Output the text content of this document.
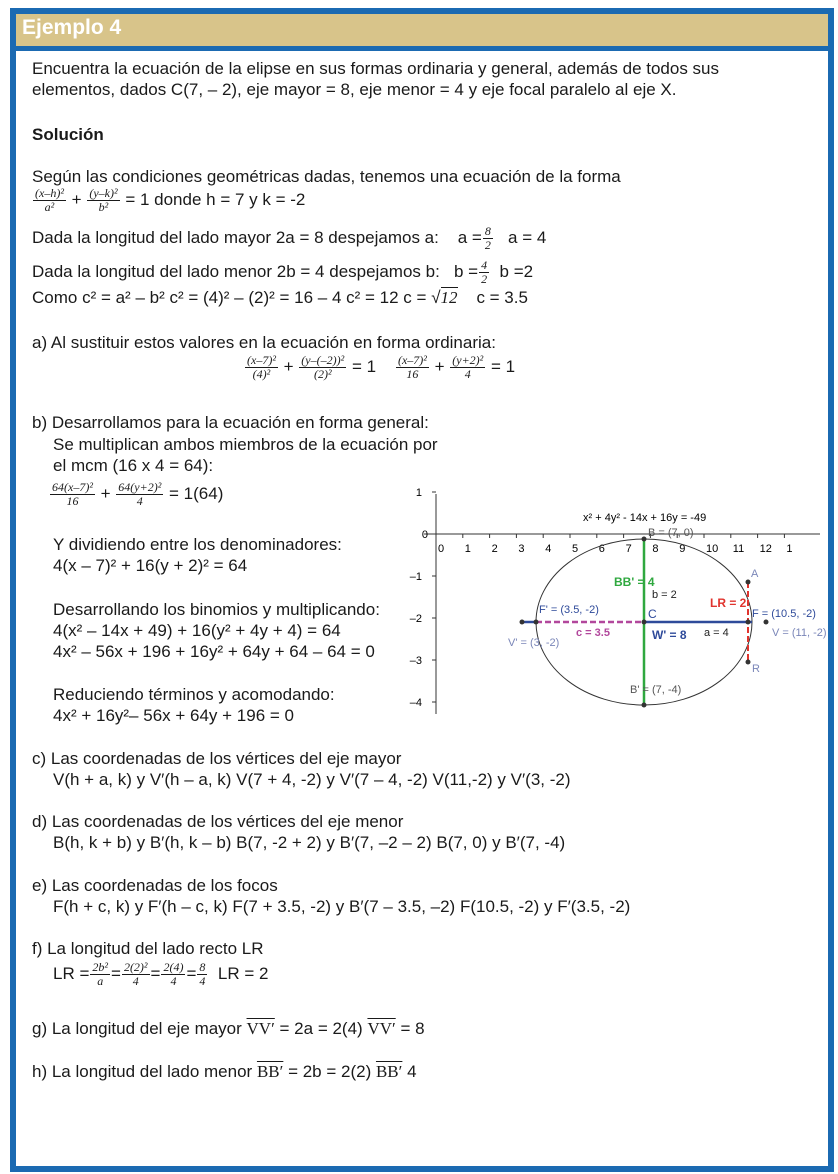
Ejemplo 4
Encuentra la ecuación de la elipse en sus formas ordinaria y general, además de todos sus
elementos, dados C(7, – 2), eje mayor = 8, eje menor = 4 y eje focal paralelo al eje X.
Solución
Según las condiciones geométricas dadas, tenemos una ecuación de la forma
$\frac{\text{(x–h)²}}{\text{a²}} + \frac{\text{(y–k)²}}{\text{b²}} = 1$ donde h = 7 y k = -2
Dada la longitud del lado mayor 2a = 8 despejamos a:    $a = \frac{8}{2}$ a = 4
Dada la longitud del lado menor 2b = 4 despejamos b:   $b = \frac{4}{2}$ b =2
Como c² = a² – b² c² = (4)² – (2)² = 16 – 4 c² = 12 c = √12 c = 3.5
a) Al sustituir estos valores en la ecuación en forma ordinaria:
$\frac{\text{(x–7)²}}{\text{(4)²}} + \frac{\text{(y–(–2))²}}{\text{(2)²}} = 1 \frac{\text{(x–7)²}}{16} + \frac{\text{(y+2)²}}{4} = 1$
b) Desarrollamos para la ecuación en forma general:
Se multiplican ambos miembros de la ecuación por
el mcm (16 x 4 = 64):
$\frac{\text{64(x–7)²}}{16} + \frac{\text{64(y+2)²}}{4} = 1(64)$
Y dividiendo entre los denominadores:
4(x – 7)² + 16(y + 2)² = 64
Desarrollando los binomios y multiplicando:
4(x² – 14x + 49) + 16(y² + 4y + 4) = 64
4x² – 56x + 196 + 16y² + 64y + 64 – 64 = 0
Reduciendo términos y acomodando:
4x² + 16y²– 56x + 64y + 196 = 0
c) Las coordenadas de los vértices del eje mayor
V(h + a, k) y V′(h – a, k) V(7 + 4, -2) y V′(7 – 4, -2) V(11,-2) y V′(3, -2)
d) Las coordenadas de los vértices del eje menor
B(h, k + b) y B′(h, k – b) B(7, -2 + 2) y B′(7, –2 – 2) B(7, 0) y B′(7, -4)
e) Las coordenadas de los focos
F(h + c, k) y F′(h – c, k) F(7 + 3.5, -2) y B′(7 – 3.5, –2) F(10.5, -2) y F′(3.5, -2)
f) La longitud del lado recto LR
LR = $\frac{\text{2b²}}{a} = \frac{\text{2(2)²}}{4} = \frac{2(4)}{4} = \frac{8}{4}$ LR = 2
g) La longitud del eje mayor VV′ = 2a = 2(4) VV′ = 8
h) La longitud del lado menor BB′ = 2b = 2(2) BB′ 4
0 1 2 3 4 5 6 7 8 9 10 11 12 1
1
0
–1
–2
–3
–4
x² + 4y² - 14x + 16y = -49
B = (7, 0)
B' = (7, -4)
F' = (3.5, -2)	F = (10.5, -2)
V = (11, -2)
V' = (3, -2)
C
BB' = 4
b = 2
c = 3.5	W' = 8 a = 4
LR = 2
A
R
